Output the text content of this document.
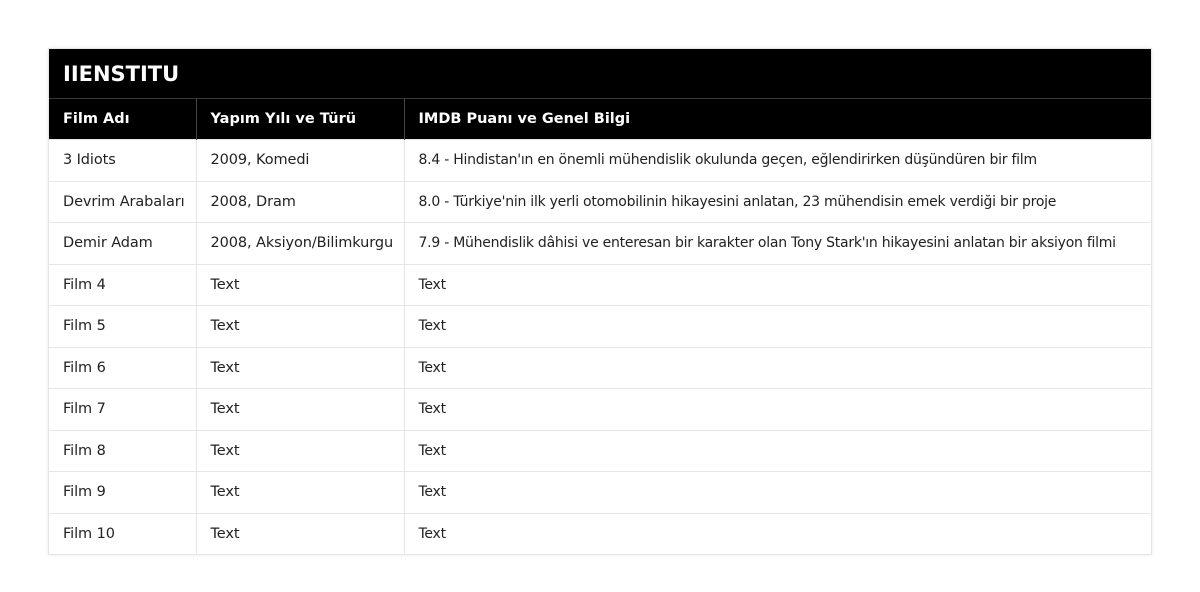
IIENSTITU
Film Adı	Yapım Yılı ve Türü	IMDB Puanı ve Genel Bilgi
3 Idiots	2009, Komedi	8.4 - Hindistan'ın en önemli mühendislik okulunda geçen, eğlendirirken düşündüren bir film
Devrim Arabaları	2008, Dram	8.0 - Türkiye'nin ilk yerli otomobilinin hikayesini anlatan, 23 mühendisin emek verdiği bir proje
Demir Adam	2008, Aksiyon/Bilimkurgu	7.9 - Mühendislik dâhisi ve enteresan bir karakter olan Tony Stark'ın hikayesini anlatan bir aksiyon filmi
Film 4	Text	Text
Film 5	Text	Text
Film 6	Text	Text
Film 7	Text	Text
Film 8	Text	Text
Film 9	Text	Text
Film 10	Text	Text
